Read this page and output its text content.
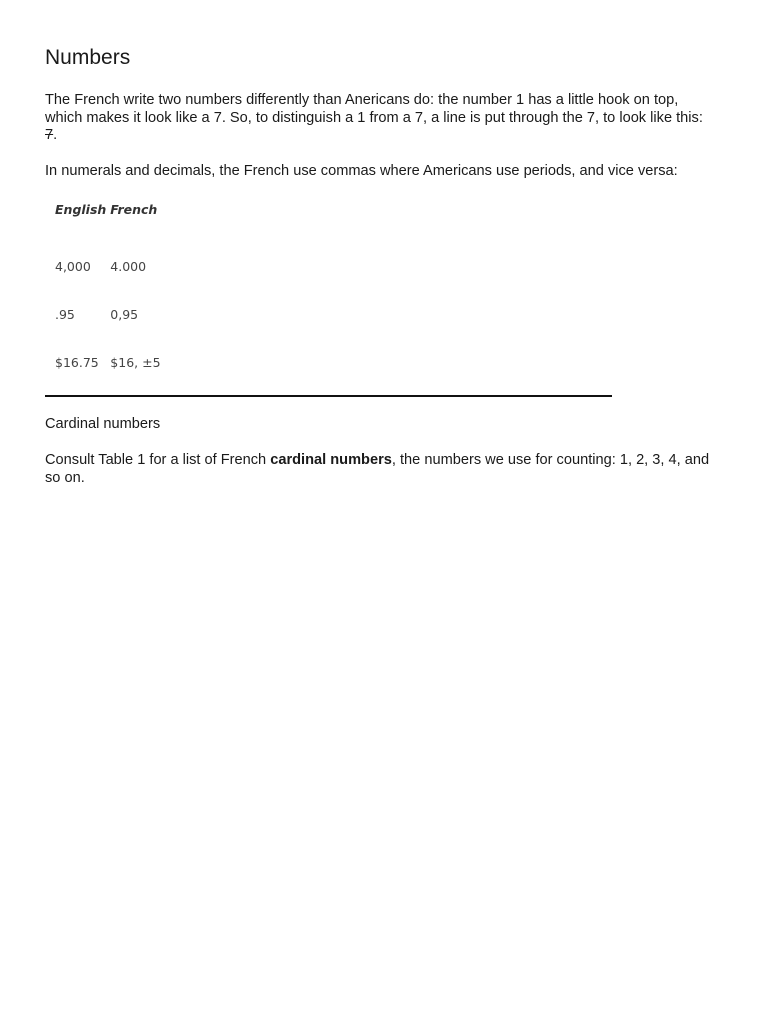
Numbers

The French write two numbers differently than Anericans do: the number 1 has a little hook on top, which makes it look like a 7. So, to distinguish a 1 from a 7, a line is put through the 7, to look like this: 7.

In numerals and decimals, the French use commas where Americans use periods, and vice versa:

English	French
4,000	4.000
.95	0,95
$16.75	$16, ±5
Cardinal numbers

Consult Table 1 for a list of French cardinal numbers, the numbers we use for counting: 1, 2, 3, 4, and so on.
